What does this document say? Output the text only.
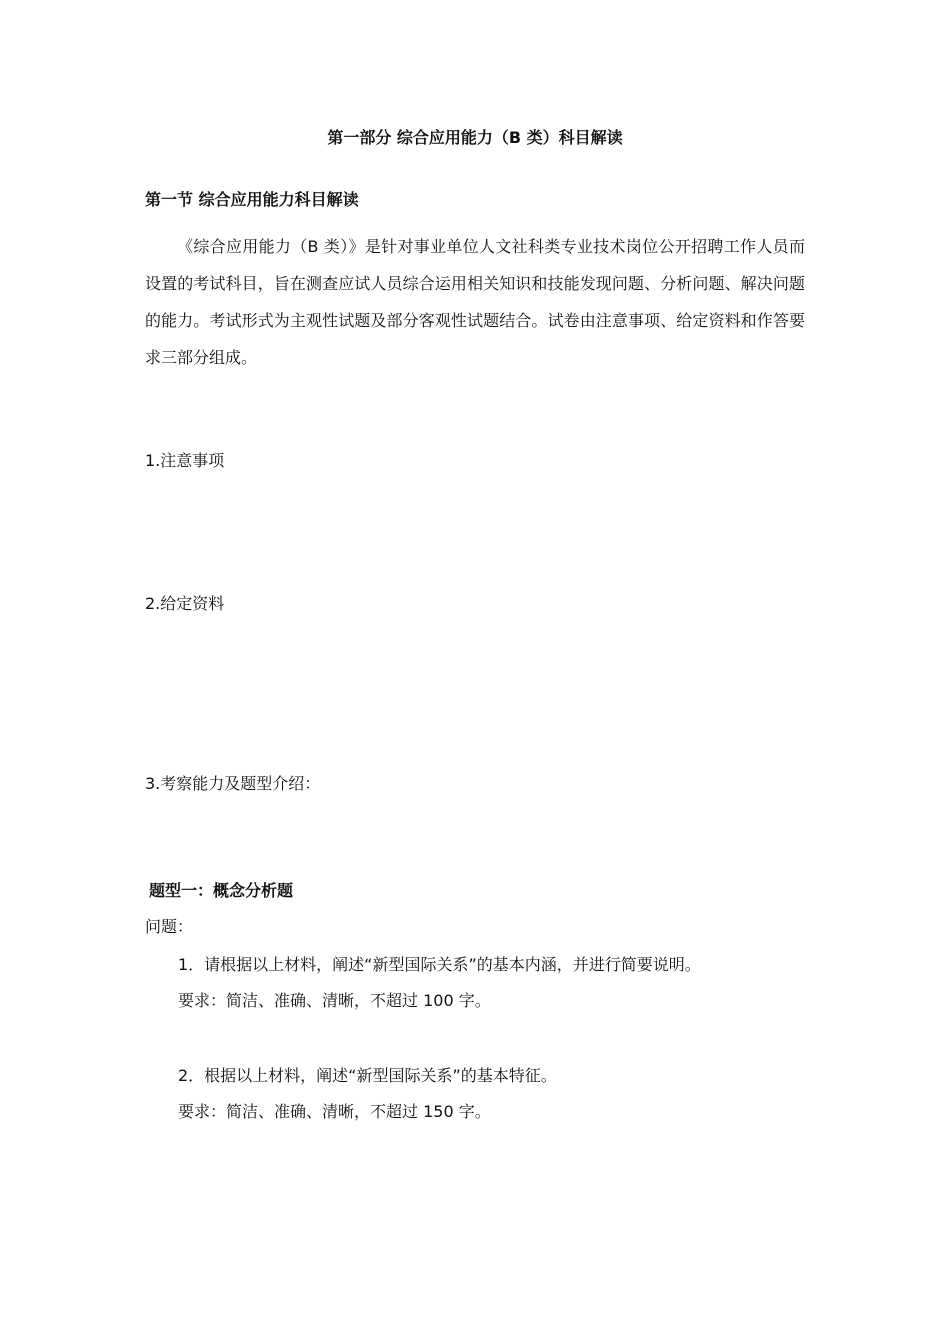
第一部分 综合应用能力（B 类）科目解读
第一节 综合应用能力科目解读

《综合应用能力（B 类）》是针对事业单位人文社科类专业技术岗位公开招聘工作人员而设置的考试科目，旨在测查应试人员综合运用相关知识和技能发现问题、分析问题、解决问题的能力。考试形式为主观性试题及部分客观性试题结合。试卷由注意事项、给定资料和作答要求三部分组成。

1.注意事项

2.给定资料

3.考察能力及题型介绍：

题型一：概念分析题

问题：

1．请根据以上材料，阐述“新型国际关系”的基本内涵，并进行简要说明。

要求：简洁、准确、清晰，不超过 100 字。

2．根据以上材料，阐述“新型国际关系”的基本特征。

要求：简洁、准确、清晰，不超过 150 字。
